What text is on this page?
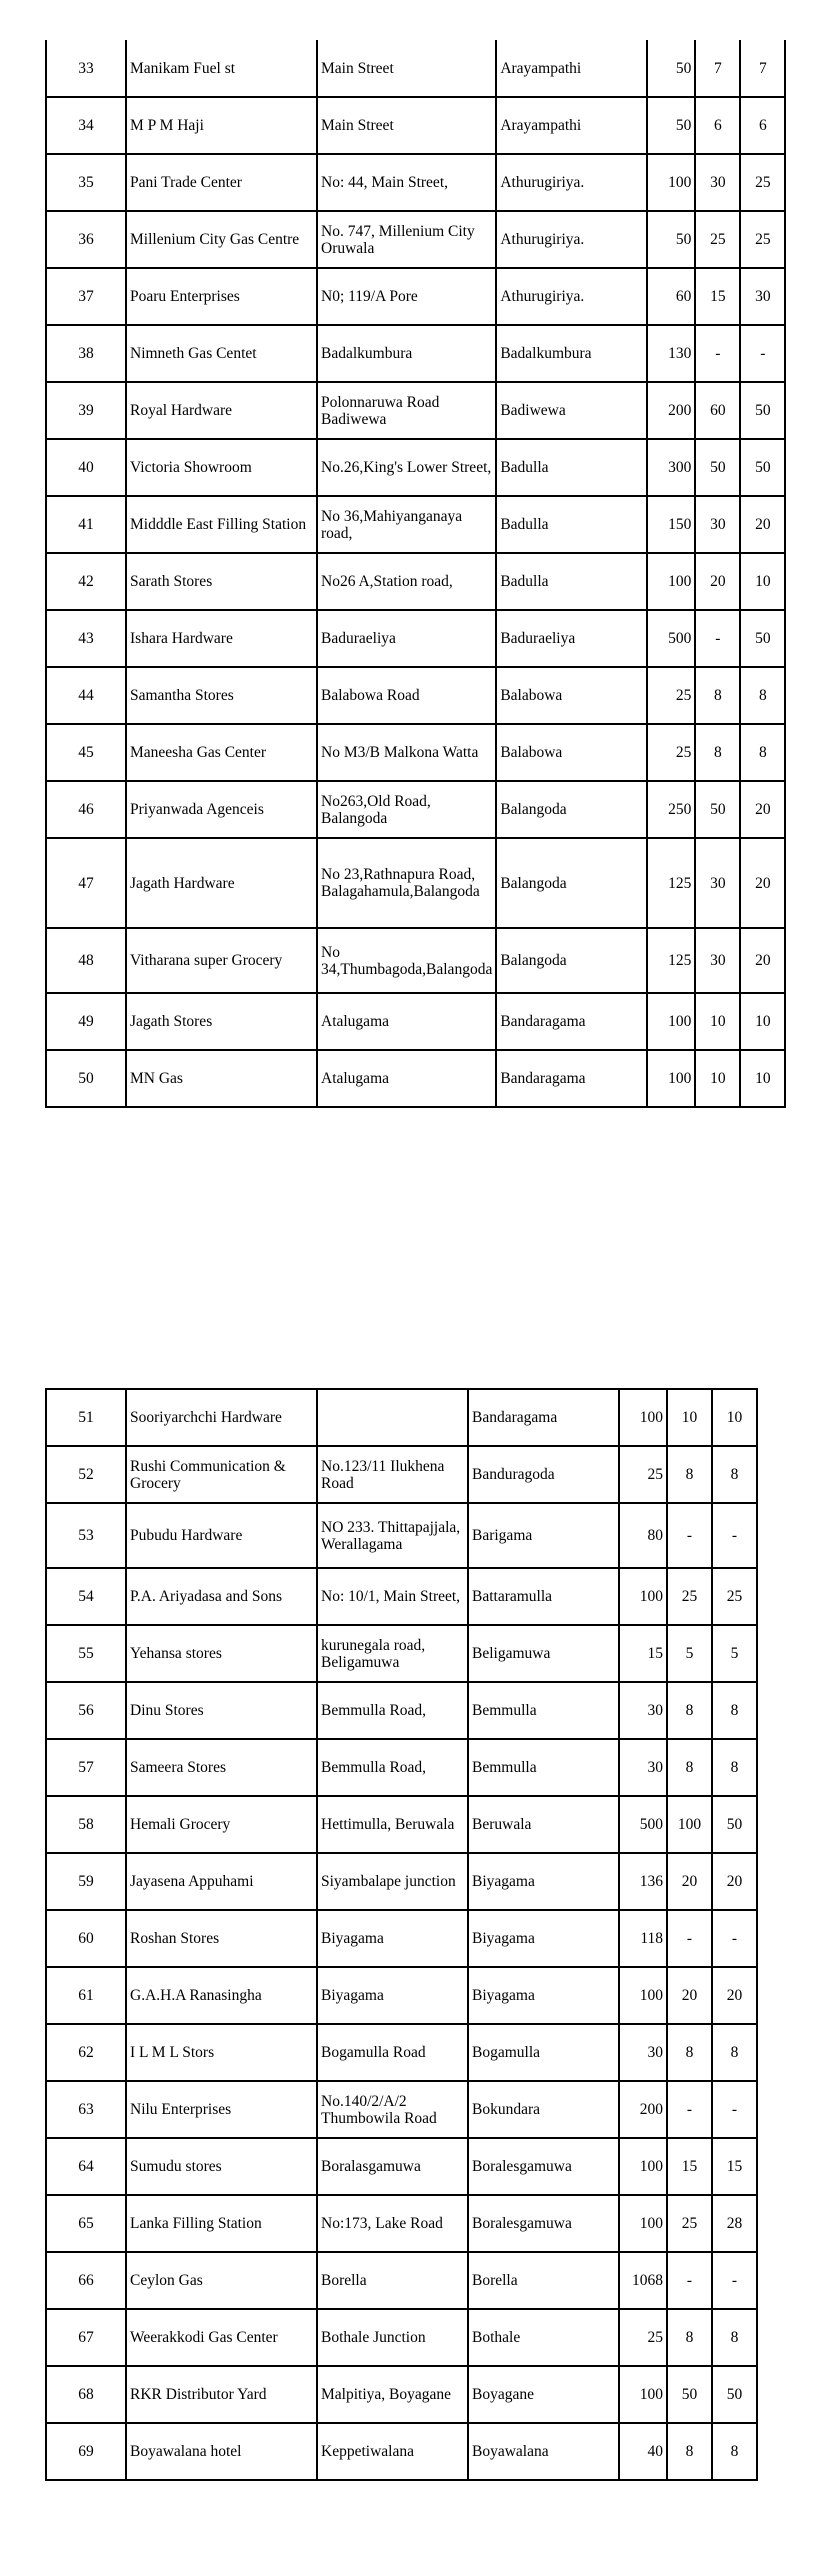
33	Manikam Fuel st	Main Street	Arayampathi	50	7	7
34	M P M Haji	Main Street	Arayampathi	50	6	6
35	Pani Trade Center	No: 44, Main Street,	Athurugiriya.	100	30	25
36	Millenium City Gas Centre	No. 747, Millenium City Oruwala	Athurugiriya.	50	25	25
37	Poaru Enterprises	N0; 119/A Pore	Athurugiriya.	60	15	30
38	Nimneth Gas Centet	Badalkumbura	Badalkumbura	130	-	-
39	Royal Hardware	Polonnaruwa Road Badiwewa	Badiwewa	200	60	50
40	Victoria Showroom	No.26,King's Lower Street,	Badulla	300	50	50
41	Midddle East Filling Station	No 36,Mahiyanganaya road,	Badulla	150	30	20
42	Sarath Stores	No26 A,Station road,	Badulla	100	20	10
43	Ishara Hardware	Baduraeliya	Baduraeliya	500	-	50
44	Samantha Stores	Balabowa Road	Balabowa	25	8	8
45	Maneesha Gas Center	No M3/B Malkona Watta	Balabowa	25	8	8
46	Priyanwada Agenceis	No263,Old Road, Balangoda	Balangoda	250	50	20
47	Jagath Hardware	No 23,Rathnapura Road, Balagahamula,Balangoda	Balangoda	125	30	20
48	Vitharana super Grocery	No 34,Thumbagoda,Balangoda	Balangoda	125	30	20
49	Jagath Stores	Atalugama	Bandaragama	100	10	10
50	MN Gas	Atalugama	Bandaragama	100	10	10
51	Sooriyarchchi Hardware		Bandaragama	100	10	10
52	Rushi Communication & Grocery	No.123/11 Ilukhena Road	Banduragoda	25	8	8
53	Pubudu Hardware	NO 233. Thittapajjala, Werallagama	Barigama	80	-	-
54	P.A. Ariyadasa and Sons	No: 10/1, Main Street,	Battaramulla	100	25	25
55	Yehansa stores	kurunegala road, Beligamuwa	Beligamuwa	15	5	5
56	Dinu Stores	Bemmulla Road,	Bemmulla	30	8	8
57	Sameera Stores	Bemmulla Road,	Bemmulla	30	8	8
58	Hemali Grocery	Hettimulla, Beruwala	Beruwala	500	100	50
59	Jayasena Appuhami	Siyambalape junction	Biyagama	136	20	20
60	Roshan Stores	Biyagama	Biyagama	118	-	-
61	G.A.H.A Ranasingha	Biyagama	Biyagama	100	20	20
62	I L M L Stors	Bogamulla Road	Bogamulla	30	8	8
63	Nilu Enterprises	No.140/2/A/2 Thumbowila Road	Bokundara	200	-	-
64	Sumudu stores	Boralasgamuwa	Boralesgamuwa	100	15	15
65	Lanka Filling Station	No:173, Lake Road	Boralesgamuwa	100	25	28
66	Ceylon Gas	Borella	Borella	1068	-	-
67	Weerakkodi Gas Center	Bothale Junction	Bothale	25	8	8
68	RKR Distributor Yard	Malpitiya, Boyagane	Boyagane	100	50	50
69	Boyawalana hotel	Keppetiwalana	Boyawalana	40	8	8
